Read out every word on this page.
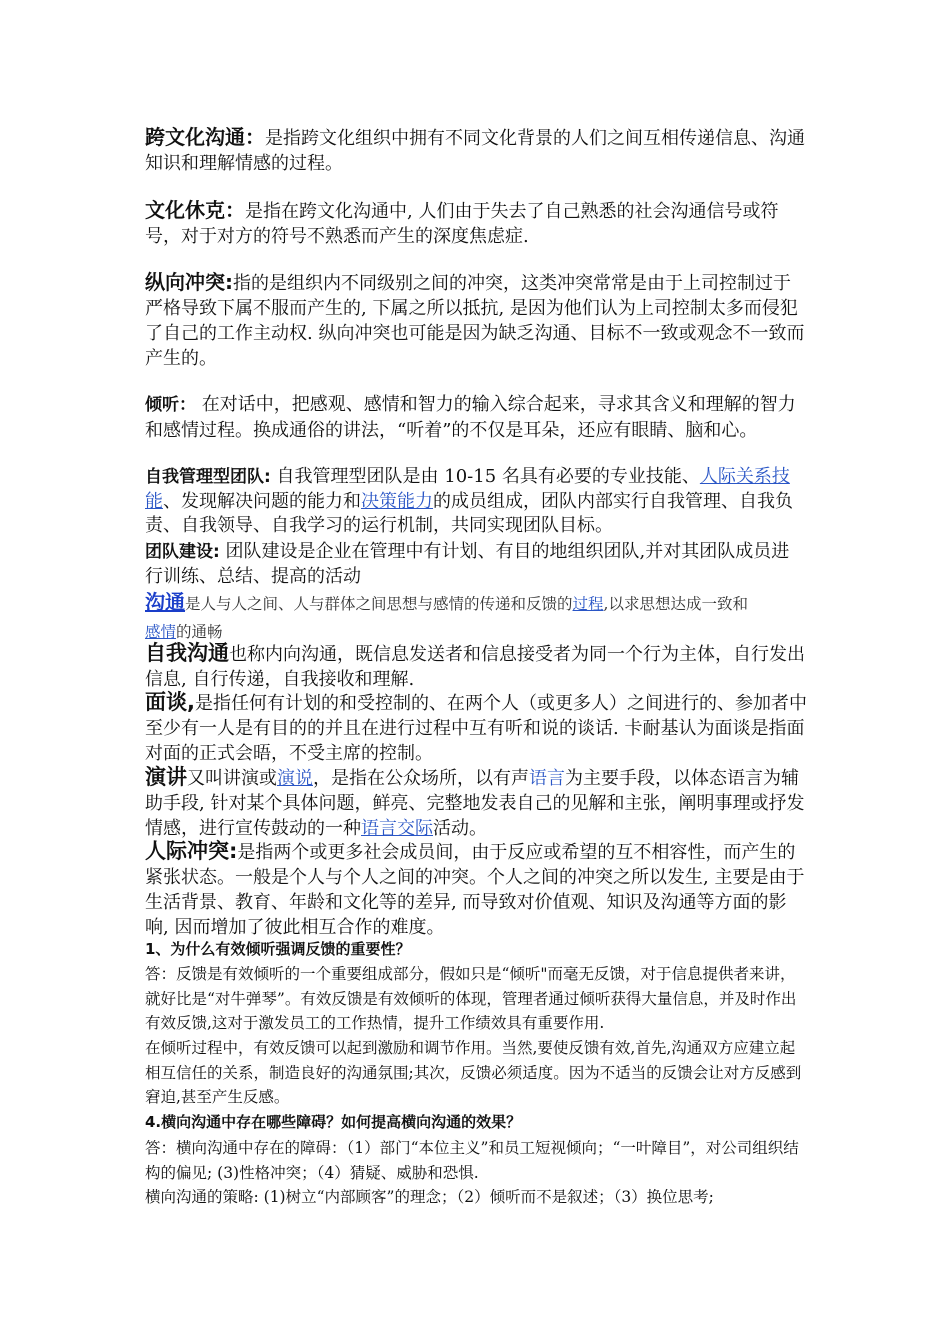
跨文化沟通：是指跨文化组织中拥有不同文化背景的人们之间互相传递信息、沟通知识和理解情感的过程。
文化休克：是指在跨文化沟通中, 人们由于失去了自己熟悉的社会沟通信号或符号，对于对方的符号不熟悉而产生的深度焦虑症.
纵向冲突:指的是组织内不同级别之间的冲突，这类冲突常常是由于上司控制过于严格导致下属不服而产生的, 下属之所以抵抗, 是因为他们认为上司控制太多而侵犯了自己的工作主动权. 纵向冲突也可能是因为缺乏沟通、目标不一致或观念不一致而产生的。
倾听： 在对话中，把感观、感情和智力的输入综合起来，寻求其含义和理解的智力和感情过程。换成通俗的讲法，“听着”的不仅是耳朵，还应有眼睛、脑和心。
自我管理型团队: 自我管理型团队是由 10-15 名具有必要的专业技能、人际关系技能、发现解决问题的能力和决策能力的成员组成，团队内部实行自我管理、自我负责、自我领导、自我学习的运行机制，共同实现团队目标。
团队建设: 团队建设是企业在管理中有计划、有目的地组织团队,并对其团队成员进行训练、总结、提高的活动
沟通是人与人之间、人与群体之间思想与感情的传递和反馈的过程,以求思想达成一致和
感情的通畅
自我沟通也称内向沟通，既信息发送者和信息接受者为同一个行为主体，自行发出信息, 自行传递，自我接收和理解.
面谈,是指任何有计划的和受控制的、在两个人（或更多人）之间进行的、参加者中至少有一人是有目的的并且在进行过程中互有听和说的谈话. 卡耐基认为面谈是指面对面的正式会晤，不受主席的控制。
演讲又叫讲演或演说，是指在公众场所，以有声语言为主要手段，以体态语言为辅助手段, 针对某个具体问题，鲜亮、完整地发表自己的见解和主张，阐明事理或抒发情感，进行宣传鼓动的一种语言交际活动。
人际冲突:是指两个或更多社会成员间，由于反应或希望的互不相容性，而产生的紧张状态。一般是个人与个人之间的冲突。个人之间的冲突之所以发生, 主要是由于生活背景、教育、年龄和文化等的差异, 而导致对价值观、知识及沟通等方面的影响, 因而增加了彼此相互合作的难度。
1、为什么有效倾听强调反馈的重要性？
答：反馈是有效倾听的一个重要组成部分，假如只是“倾听"而毫无反馈，对于信息提供者来讲，就好比是“对牛弹琴”。有效反馈是有效倾听的体现，管理者通过倾听获得大量信息，并及时作出有效反馈,这对于激发员工的工作热情，提升工作绩效具有重要作用.
在倾听过程中，有效反馈可以起到激励和调节作用。当然,要使反馈有效,首先,沟通双方应建立起相互信任的关系，制造良好的沟通氛围;其次，反馈必须适度。因为不适当的反馈会让对方反感到窘迫,甚至产生反感。
4.横向沟通中存在哪些障碍？如何提高横向沟通的效果？
答：横向沟通中存在的障碍：（1）部门“本位主义”和员工短视倾向；“一叶障目”，对公司组织结构的偏见; (3)性格冲突；（4）猜疑、威胁和恐惧.
横向沟通的策略: (1)树立“内部顾客”的理念；（2）倾听而不是叙述；（3）换位思考;
